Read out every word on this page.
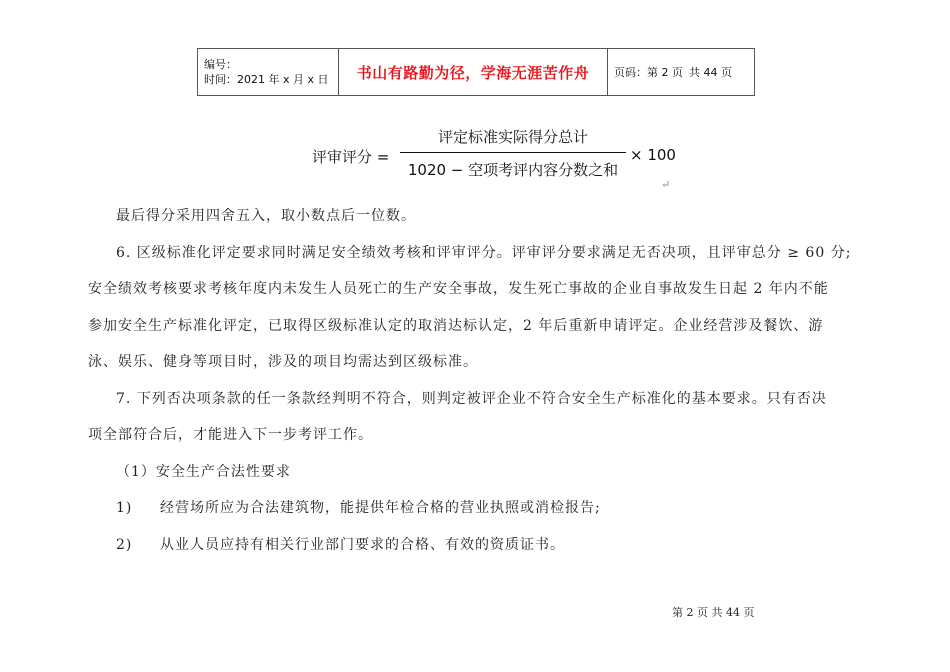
编号：
时间：2021 年 x 月 x 日	书山有路勤为径，学海无涯苦作舟	页码：第 2 页 共 44 页
评审评分 =
评定标准实际得分总计
1020 − 空项考评内容分数之和
× 100
↵
最后得分采用四舍五入，取小数点后一位数。
6. 区级标准化评定要求同时满足安全绩效考核和评审评分。评审评分要求满足无否决项，且评审总分 ≥ 60 分;
安全绩效考核要求考核年度内未发生人员死亡的生产安全事故，发生死亡事故的企业自事故发生日起 2 年内不能
参加安全生产标准化评定，已取得区级标准认定的取消达标认定，2 年后重新申请评定。企业经营涉及餐饮、游
泳、娱乐、健身等项目时，涉及的项目均需达到区级标准。
7. 下列否决项条款的任一条款经判明不符合，则判定被评企业不符合安全生产标准化的基本要求。只有否决
项全部符合后，才能进入下一步考评工作。
（1）安全生产合法性要求
1) 经营场所应为合法建筑物，能提供年检合格的营业执照或消检报告;
2) 从业人员应持有相关行业部门要求的合格、有效的资质证书。
第 2 页 共 44 页
